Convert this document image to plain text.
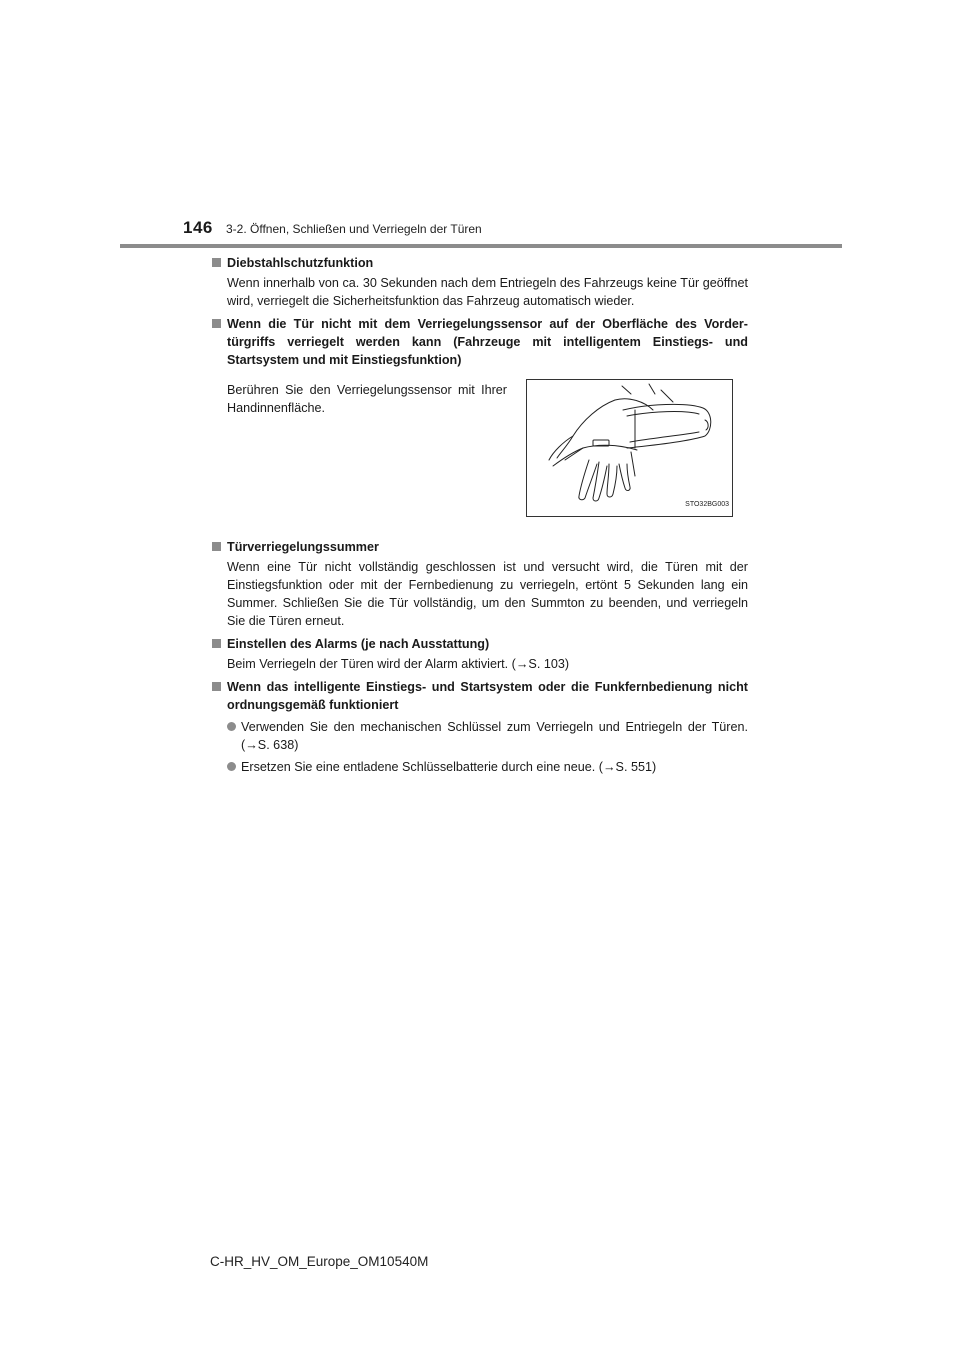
146 3-2. Öffnen, Schließen und Verriegeln der Türen
Diebstahlschutzfunktion
Wenn innerhalb von ca. 30 Sekunden nach dem Entriegeln des Fahrzeugs keine Tür geöffnet wird, verriegelt die Sicherheitsfunktion das Fahrzeug automatisch wieder.
Wenn die Tür nicht mit dem Verriegelungssensor auf der Oberfläche des Vordertürgriffs verriegelt werden kann (Fahrzeuge mit intelligentem Einstiegs- und Startsystem und mit Einstiegsfunktion)
Berühren Sie den Verriegelungssensor mit Ihrer Handinnenfläche.
STO32BG003
Türverriegelungssummer
Wenn eine Tür nicht vollständig geschlossen ist und versucht wird, die Türen mit der Einstiegsfunktion oder mit der Fernbedienung zu verriegeln, ertönt 5 Sekunden lang ein Summer. Schließen Sie die Tür vollständig, um den Summton zu beenden, und verriegeln Sie die Türen erneut.
Einstellen des Alarms (je nach Ausstattung)
Beim Verriegeln der Türen wird der Alarm aktiviert. (→S. 103)
Wenn das intelligente Einstiegs- und Startsystem oder die Funkfernbedienung nicht ordnungsgemäß funktioniert
Verwenden Sie den mechanischen Schlüssel zum Verriegeln und Entriegeln der Türen. (→S. 638)
Ersetzen Sie eine entladene Schlüsselbatterie durch eine neue. (→S. 551)
C-HR_HV_OM_Europe_OM10540M
